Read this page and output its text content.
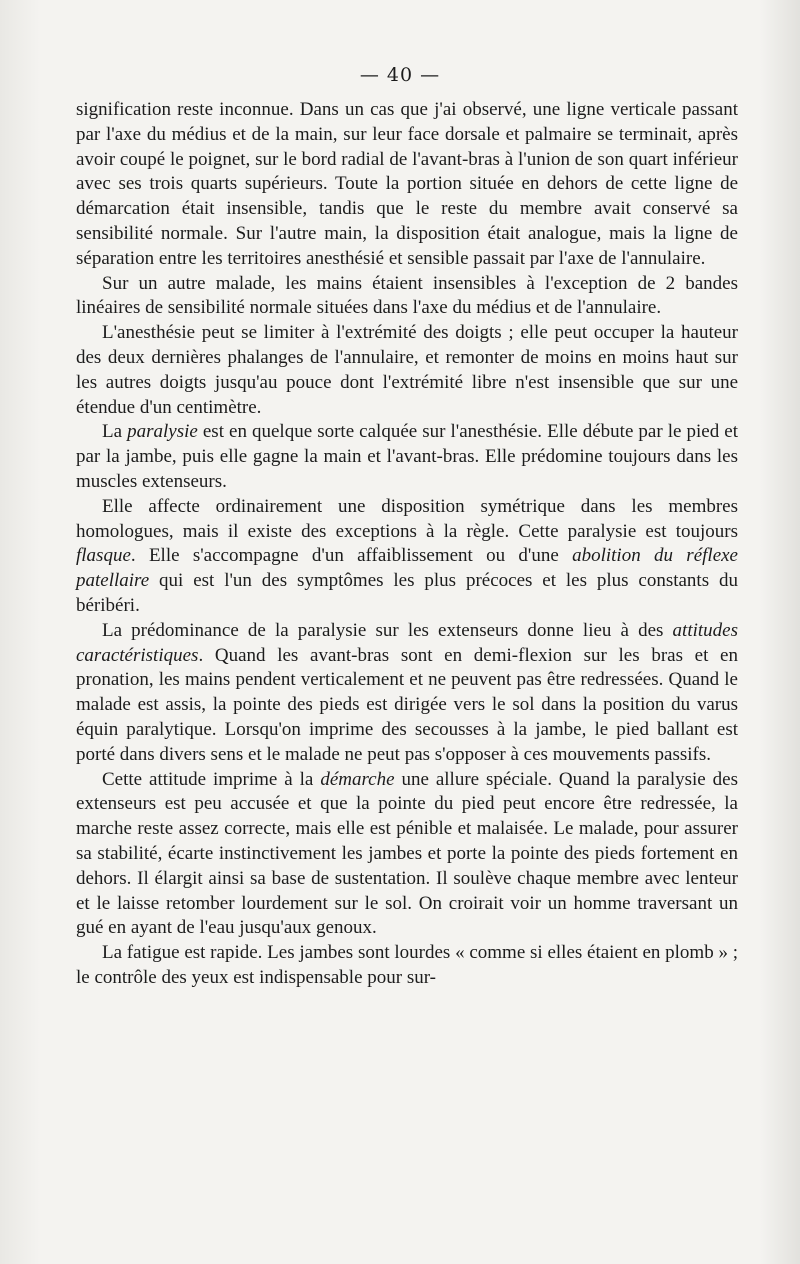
— 40 —

signification reste inconnue. Dans un cas que j'ai observé, une ligne verticale passant par l'axe du médius et de la main, sur leur face dorsale et palmaire se terminait, après avoir coupé le poignet, sur le bord radial de l'avant-bras à l'union de son quart inférieur avec ses trois quarts supérieurs. Toute la portion située en dehors de cette ligne de démarcation était insensible, tandis que le reste du membre avait conservé sa sensibilité normale. Sur l'autre main, la disposition était analogue, mais la ligne de séparation entre les territoires anesthésié et sensible passait par l'axe de l'annulaire.

Sur un autre malade, les mains étaient insensibles à l'exception de 2 bandes linéaires de sensibilité normale situées dans l'axe du médius et de l'annulaire.

L'anesthésie peut se limiter à l'extrémité des doigts ; elle peut occuper la hauteur des deux dernières phalanges de l'annulaire, et remonter de moins en moins haut sur les autres doigts jusqu'au pouce dont l'extrémité libre n'est insensible que sur une étendue d'un centimètre.

La paralysie est en quelque sorte calquée sur l'anesthésie. Elle débute par le pied et par la jambe, puis elle gagne la main et l'avant-bras. Elle prédomine toujours dans les muscles extenseurs.

Elle affecte ordinairement une disposition symétrique dans les membres homologues, mais il existe des exceptions à la règle. Cette paralysie est toujours flasque. Elle s'accompagne d'un affaiblissement ou d'une abolition du réflexe patellaire qui est l'un des symptômes les plus précoces et les plus constants du béribéri.

La prédominance de la paralysie sur les extenseurs donne lieu à des attitudes caractéristiques. Quand les avant-bras sont en demi-flexion sur les bras et en pronation, les mains pendent verticalement et ne peuvent pas être redressées. Quand le malade est assis, la pointe des pieds est dirigée vers le sol dans la position du varus équin paralytique. Lorsqu'on imprime des secousses à la jambe, le pied ballant est porté dans divers sens et le malade ne peut pas s'opposer à ces mouvements passifs.

Cette attitude imprime à la démarche une allure spéciale. Quand la paralysie des extenseurs est peu accusée et que la pointe du pied peut encore être redressée, la marche reste assez correcte, mais elle est pénible et malaisée. Le malade, pour assurer sa stabilité, écarte instinctivement les jambes et porte la pointe des pieds fortement en dehors. Il élargit ainsi sa base de sustentation. Il soulève chaque membre avec lenteur et le laisse retomber lourdement sur le sol. On croirait voir un homme traversant un gué en ayant de l'eau jusqu'aux genoux.

La fatigue est rapide. Les jambes sont lourdes « comme si elles étaient en plomb » ; le contrôle des yeux est indispensable pour sur-
